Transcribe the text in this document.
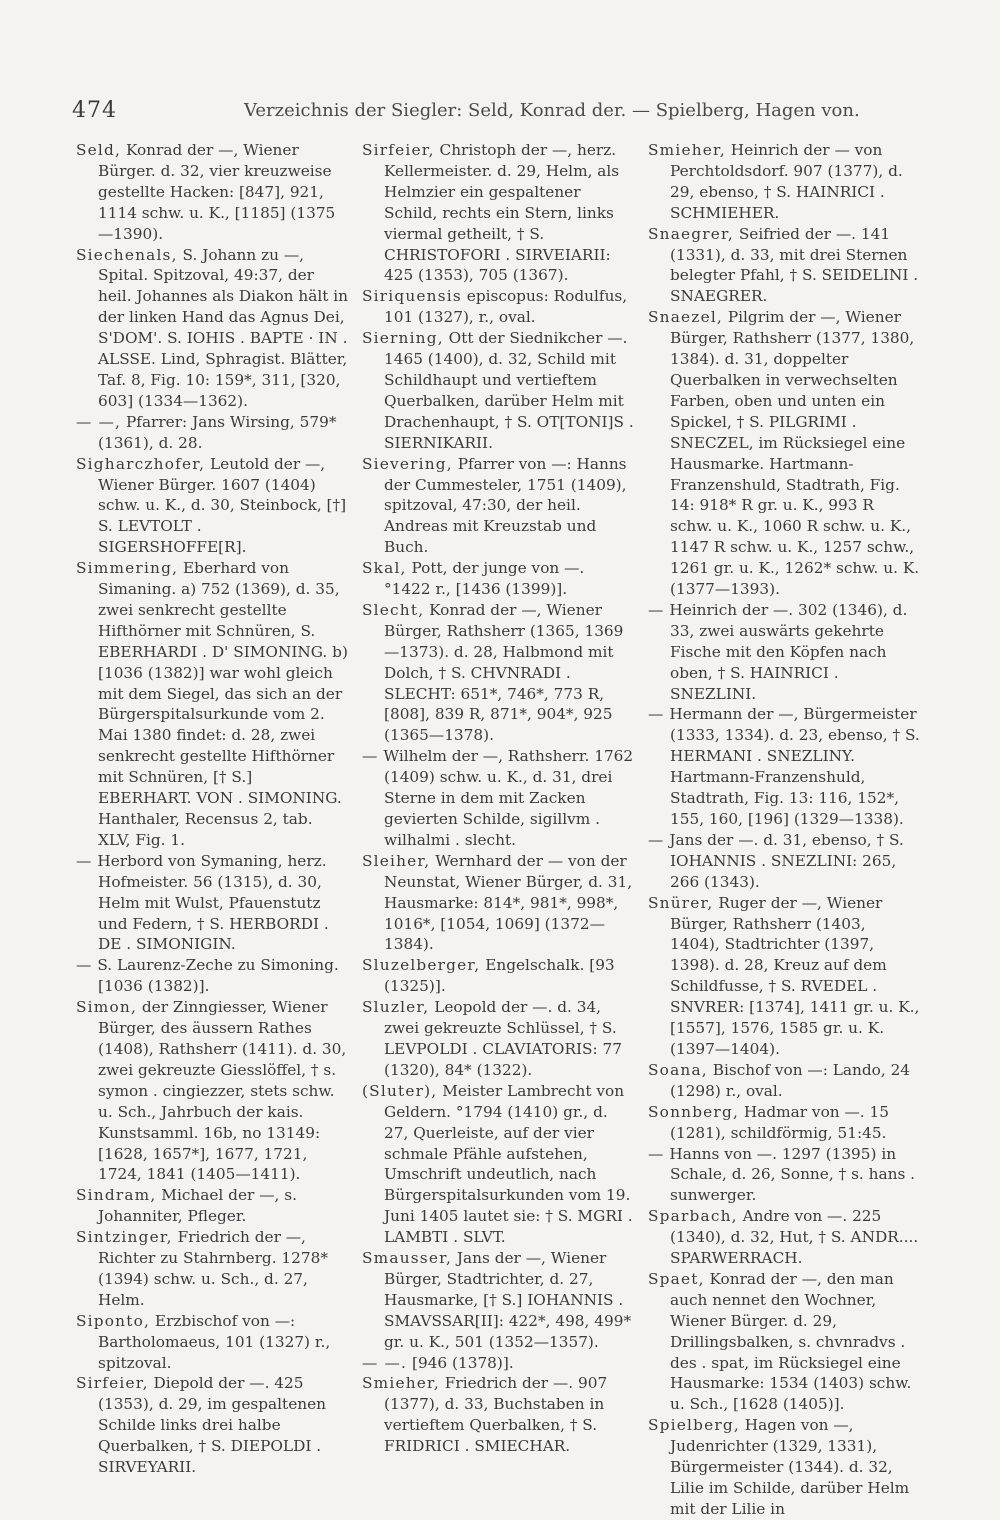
474	Verzeichnis der Siegler: Seld, Konrad der. — Spielberg, Hagen von.
Seld, Konrad der —, Wiener Bürger. d. 32, vier kreuzweise gestellte Hacken: [847], 921, 1114 schw. u. K., [1185] (1375—1390).
Siechenals, S. Johann zu —, Spital. Spitzoval, 49:37, der heil. Johannes als Diakon hält in der linken Hand das Agnus Dei, S'DOM'. S. IOHIS . BAPTE · IN . ALSSE. Lind, Sphragist. Blätter, Taf. 8, Fig. 10: 159*, 311, [320, 603] (1334—1362).
— —, Pfarrer: Jans Wirsing, 579* (1361), d. 28.
Sigharczhofer, Leutold der —, Wiener Bürger. 1607 (1404) schw. u. K., d. 30, Steinbock, [†] S. LEVTOLT . SIGERSHOFFE[R].
Simmering, Eberhard von Simaning. a) 752 (1369), d. 35, zwei senkrecht gestellte Hifthörner mit Schnüren, S. EBERHARDI . D' SIMONING. b) [1036 (1382)] war wohl gleich mit dem Siegel, das sich an der Bürgerspitalsurkunde vom 2. Mai 1380 findet: d. 28, zwei senkrecht gestellte Hifthörner mit Schnüren, [† S.] EBERHART. VON . SIMONING. Hanthaler, Recensus 2, tab. XLV, Fig. 1.
— Herbord von Symaning, herz. Hofmeister. 56 (1315), d. 30, Helm mit Wulst, Pfauenstutz und Federn, † S. HERBORDI . DE . SIMONIGIN.
— S. Laurenz-Zeche zu Simoning. [1036 (1382)].
Simon, der Zinngiesser, Wiener Bürger, des äussern Rathes (1408), Rathsherr (1411). d. 30, zwei gekreuzte Giesslöffel, † s. symon . cingiezzer, stets schw. u. Sch., Jahrbuch der kais. Kunstsamml. 16b, no 13149: [1628, 1657*], 1677, 1721, 1724, 1841 (1405—1411).
Sindram, Michael der —, s. Johanniter, Pfleger.
Sintzinger, Friedrich der —, Richter zu Stahrnberg. 1278* (1394) schw. u. Sch., d. 27, Helm.
Siponto, Erzbischof von —: Bartholomaeus, 101 (1327) r., spitzoval.
Sirfeier, Diepold der —. 425 (1353), d. 29, im gespaltenen Schilde links drei halbe Querbalken, † S. DIEPOLDI . SIRVEYARII.
Sirfeier, Christoph der —, herz. Kellermeister. d. 29, Helm, als Helmzier ein gespaltener Schild, rechts ein Stern, links viermal getheilt, † S. CHRISTOFORI . SIRVEIARII: 425 (1353), 705 (1367).
Siriquensis episcopus: Rodulfus, 101 (1327), r., oval.
Sierning, Ott der Siednikcher —. 1465 (1400), d. 32, Schild mit Schildhaupt und vertieftem Querbalken, darüber Helm mit Drachenhaupt, † S. OT[TONI]S . SIERNIKARII.
Sievering, Pfarrer von —: Hanns der Cummesteler, 1751 (1409), spitzoval, 47:30, der heil. Andreas mit Kreuzstab und Buch.
Skal, Pott, der junge von —. °1422 r., [1436 (1399)].
Slecht, Konrad der —, Wiener Bürger, Rathsherr (1365, 1369—1373). d. 28, Halbmond mit Dolch, † S. CHVNRADI . SLECHT: 651*, 746*, 773 R, [808], 839 R, 871*, 904*, 925 (1365—1378).
— Wilhelm der —, Rathsherr. 1762 (1409) schw. u. K., d. 31, drei Sterne in dem mit Zacken gevierten Schilde, sigillvm . wilhalmi . slecht.
Sleiher, Wernhard der — von der Neunstat, Wiener Bürger, d. 31, Hausmarke: 814*, 981*, 998*, 1016*, [1054, 1069] (1372—1384).
Sluzelberger, Engelschalk. [93 (1325)].
Sluzler, Leopold der —. d. 34, zwei gekreuzte Schlüssel, † S. LEVPOLDI . CLAVIATORIS: 77 (1320), 84* (1322).
(Sluter), Meister Lambrecht von Geldern. °1794 (1410) gr., d. 27, Querleiste, auf der vier schmale Pfähle aufstehen, Umschrift undeutlich, nach Bürgerspitalsurkunden vom 19. Juni 1405 lautet sie: † S. MGRI . LAMBTI . SLVT.
Smausser, Jans der —, Wiener Bürger, Stadtrichter, d. 27, Hausmarke, [† S.] IOHANNIS . SMAVSSAR[II]: 422*, 498, 499* gr. u. K., 501 (1352—1357).
— —. [946 (1378)].
Smieher, Friedrich der —. 907 (1377), d. 33, Buchstaben in vertieftem Querbalken, † S. FRIDRICI . SMIECHAR.
Smieher, Heinrich der — von Perchtoldsdorf. 907 (1377), d. 29, ebenso, † S. HAINRICI . SCHMIEHER.
Snaegrer, Seifried der —. 141 (1331), d. 33, mit drei Sternen belegter Pfahl, † S. SEIDELINI . SNAEGRER.
Snaezel, Pilgrim der —, Wiener Bürger, Rathsherr (1377, 1380, 1384). d. 31, doppelter Querbalken in verwechselten Farben, oben und unten ein Spickel, † S. PILGRIMI . SNECZEL, im Rücksiegel eine Hausmarke. Hartmann-Franzenshuld, Stadtrath, Fig. 14: 918* R gr. u. K., 993 R schw. u. K., 1060 R schw. u. K., 1147 R schw. u. K., 1257 schw., 1261 gr. u. K., 1262* schw. u. K. (1377—1393).
— Heinrich der —. 302 (1346), d. 33, zwei auswärts gekehrte Fische mit den Köpfen nach oben, † S. HAINRICI . SNEZLINI.
— Hermann der —, Bürgermeister (1333, 1334). d. 23, ebenso, † S. HERMANI . SNEZLINY. Hartmann-Franzenshuld, Stadtrath, Fig. 13: 116, 152*, 155, 160, [196] (1329—1338).
— Jans der —. d. 31, ebenso, † S. IOHANNIS . SNEZLINI: 265, 266 (1343).
Snürer, Ruger der —, Wiener Bürger, Rathsherr (1403, 1404), Stadtrichter (1397, 1398). d. 28, Kreuz auf dem Schildfusse, † S. RVEDEL . SNVRER: [1374], 1411 gr. u. K., [1557], 1576, 1585 gr. u. K. (1397—1404).
Soana, Bischof von —: Lando, 24 (1298) r., oval.
Sonnberg, Hadmar von —. 15 (1281), schildförmig, 51:45.
— Hanns von —. 1297 (1395) in Schale, d. 26, Sonne, † s. hans . sunwerger.
Sparbach, Andre von —. 225 (1340), d. 32, Hut, † S. ANDR.... SPARWERRACH.
Spaet, Konrad der —, den man auch nennet den Wochner, Wiener Bürger. d. 29, Drillingsbalken, s. chvnradvs . des . spat, im Rücksiegel eine Hausmarke: 1534 (1403) schw. u. Sch., [1628 (1405)].
Spielberg, Hagen von —, Judenrichter (1329, 1331), Bürgermeister (1344). d. 32, Lilie im Schilde, darüber Helm mit der Lilie in
